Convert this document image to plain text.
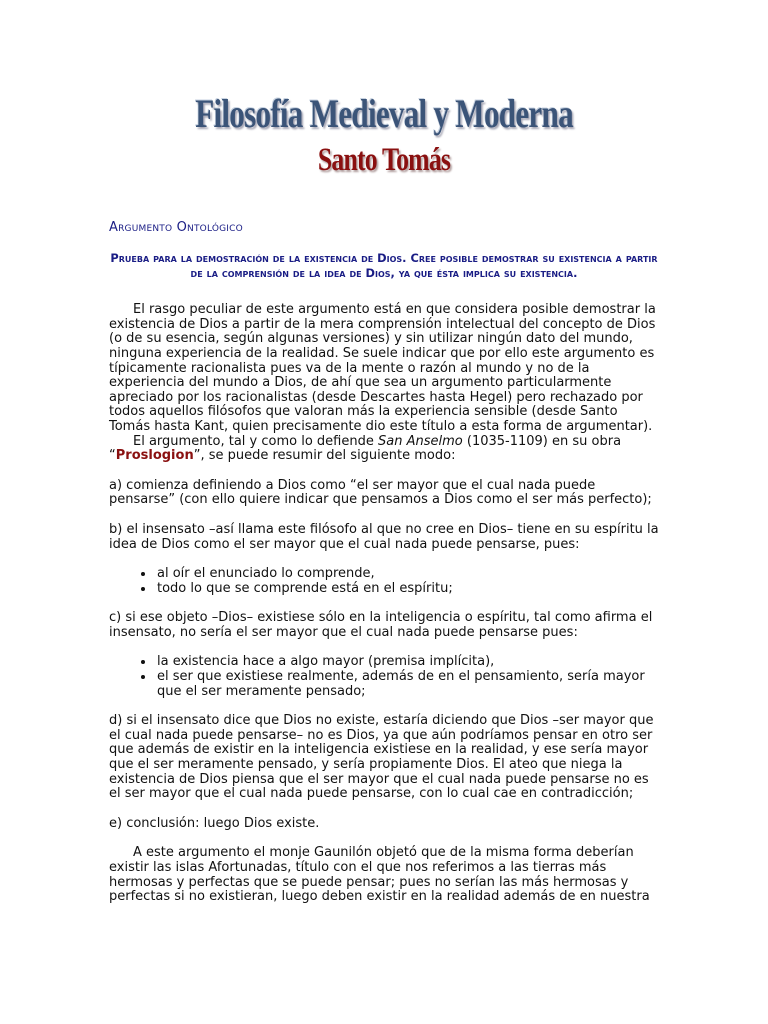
Filosofía Medieval y Moderna
Santo Tomás
Argumento Ontológico

Prueba para la demostración de la existencia de Dios. Cree posible demostrar su existencia a partir de la comprensión de la idea de Dios, ya que ésta implica su existencia.

El rasgo peculiar de este argumento está en que considera posible demostrar la existencia de Dios a partir de la mera comprensión intelectual del concepto de Dios (o de su esencia, según algunas versiones) y sin utilizar ningún dato del mundo, ninguna experiencia de la realidad. Se suele indicar que por ello este argumento es típicamente racionalista pues va de la mente o razón al mundo y no de la experiencia del mundo a Dios, de ahí que sea un argumento particularmente apreciado por los racionalistas (desde Descartes hasta Hegel) pero rechazado por todos aquellos filósofos que valoran más la experiencia sensible (desde Santo Tomás hasta Kant, quien precisamente dio este título a esta forma de argumentar).

El argumento, tal y como lo defiende San Anselmo (1035-1109) en su obra “Proslogion”, se puede resumir del siguiente modo:

a) comienza definiendo a Dios como “el ser mayor que el cual nada puede pensarse” (con ello quiere indicar que pensamos a Dios como el ser más perfecto);

b) el insensato –así llama este filósofo al que no cree en Dios– tiene en su espíritu la idea de Dios como el ser mayor que el cual nada puede pensarse, pues:

• al oír el enunciado lo comprende,
• todo lo que se comprende está en el espíritu;

c) si ese objeto –Dios– existiese sólo en la inteligencia o espíritu, tal como afirma el insensato, no sería el ser mayor que el cual nada puede pensarse pues:

• la existencia hace a algo mayor (premisa implícita),
• el ser que existiese realmente, además de en el pensamiento, sería mayor que el ser meramente pensado;

d) si el insensato dice que Dios no existe, estaría diciendo que Dios –ser mayor que el cual nada puede pensarse– no es Dios, ya que aún podríamos pensar en otro ser que además de existir en la inteligencia existiese en la realidad, y ese sería mayor que el ser meramente pensado, y sería propiamente Dios. El ateo que niega la existencia de Dios piensa que el ser mayor que el cual nada puede pensarse no es el ser mayor que el cual nada puede pensarse, con lo cual cae en contradicción;

e) conclusión: luego Dios existe.

A este argumento el monje Gaunilón objetó que de la misma forma deberían existir las islas Afortunadas, título con el que nos referimos a las tierras más hermosas y perfectas que se puede pensar; pues no serían las más hermosas y perfectas si no existieran, luego deben existir en la realidad además de en nuestra
